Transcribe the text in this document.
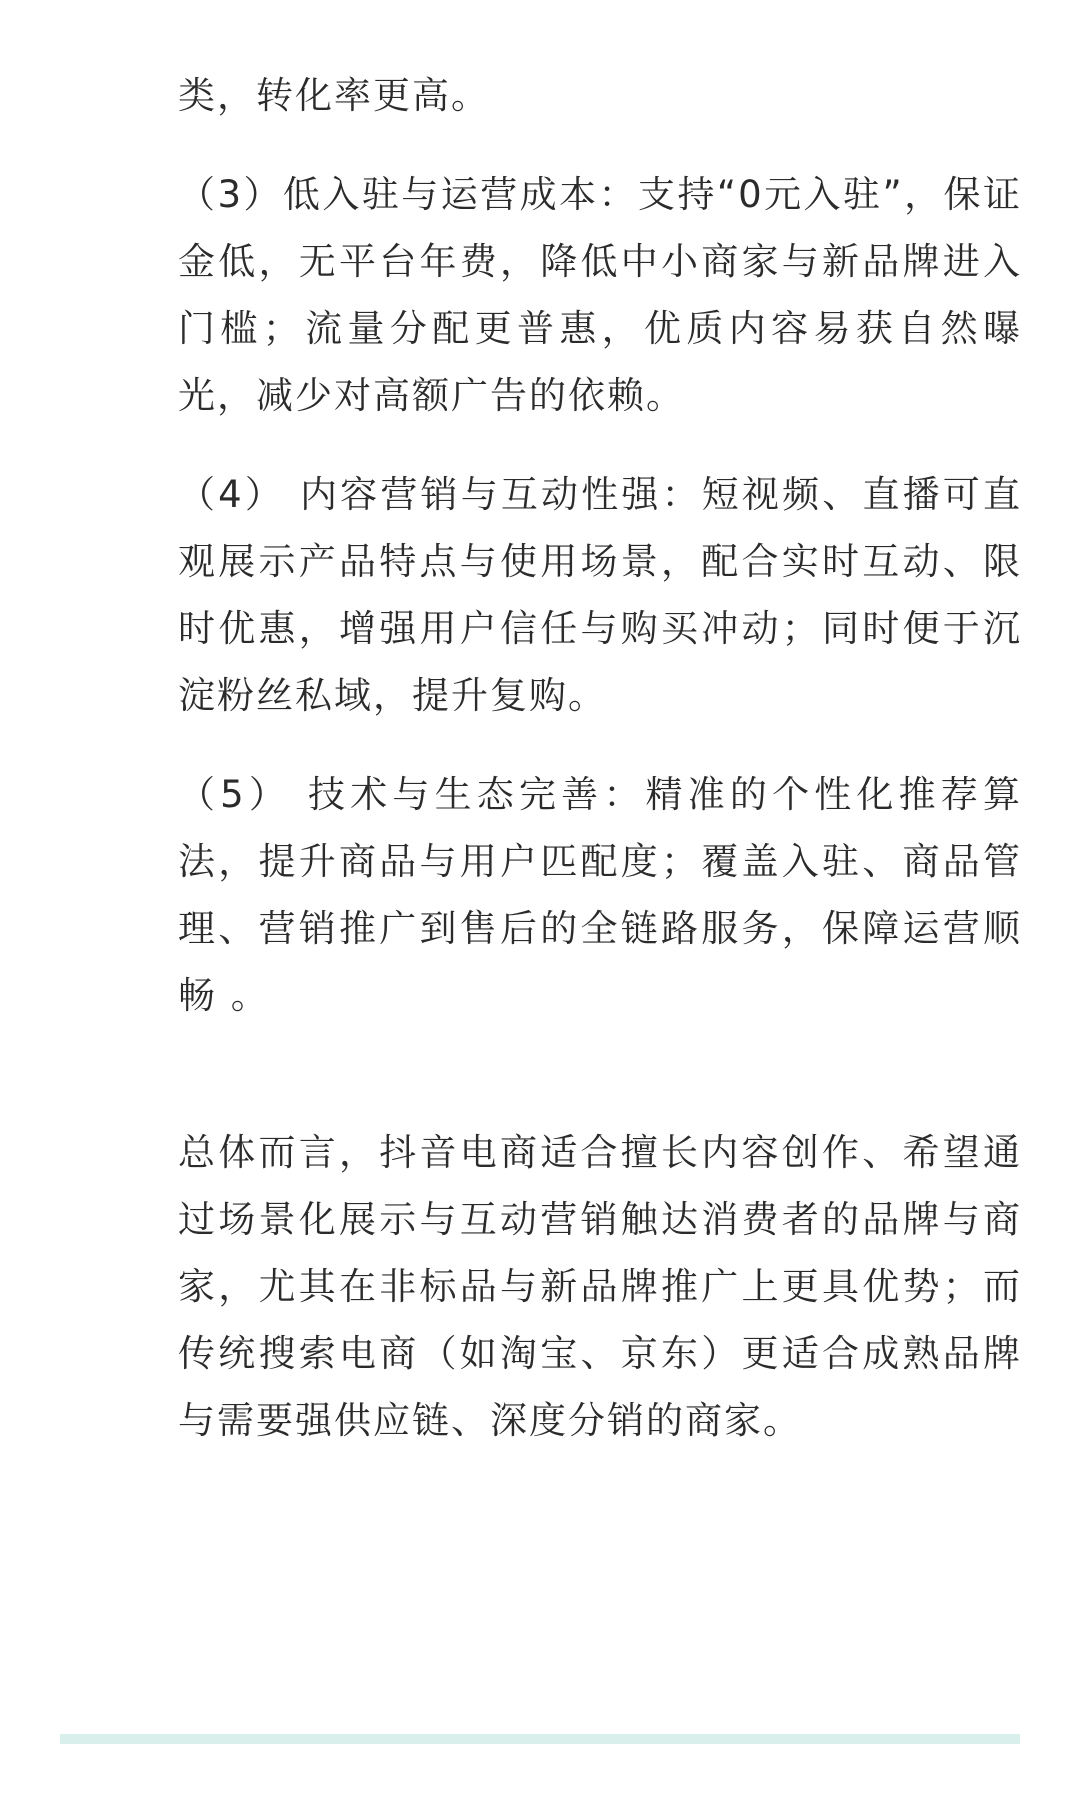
类，转化率更高。

（3）低入驻与运营成本：支持“0元入驻”，保证金低，无平台年费，降低中小商家与新品牌进入门槛；流量分配更普惠，优质内容易获自然曝光，减少对高额广告的依赖。

（4） 内容营销与互动性强：短视频、直播可直观展示产品特点与使用场景，配合实时互动、限时优惠，增强用户信任与购买冲动；同时便于沉淀粉丝私域，提升复购。

（5） 技术与生态完善：精准的个性化推荐算法，提升商品与用户匹配度；覆盖入驻、商品管理、营销推广到售后的全链路服务，保障运营顺畅 。

总体而言，抖音电商适合擅长内容创作、希望通过场景化展示与互动营销触达消费者的品牌与商家，尤其在非标品与新品牌推广上更具优势；而传统搜索电商（如淘宝、京东）更适合成熟品牌与需要强供应链、深度分销的商家。
